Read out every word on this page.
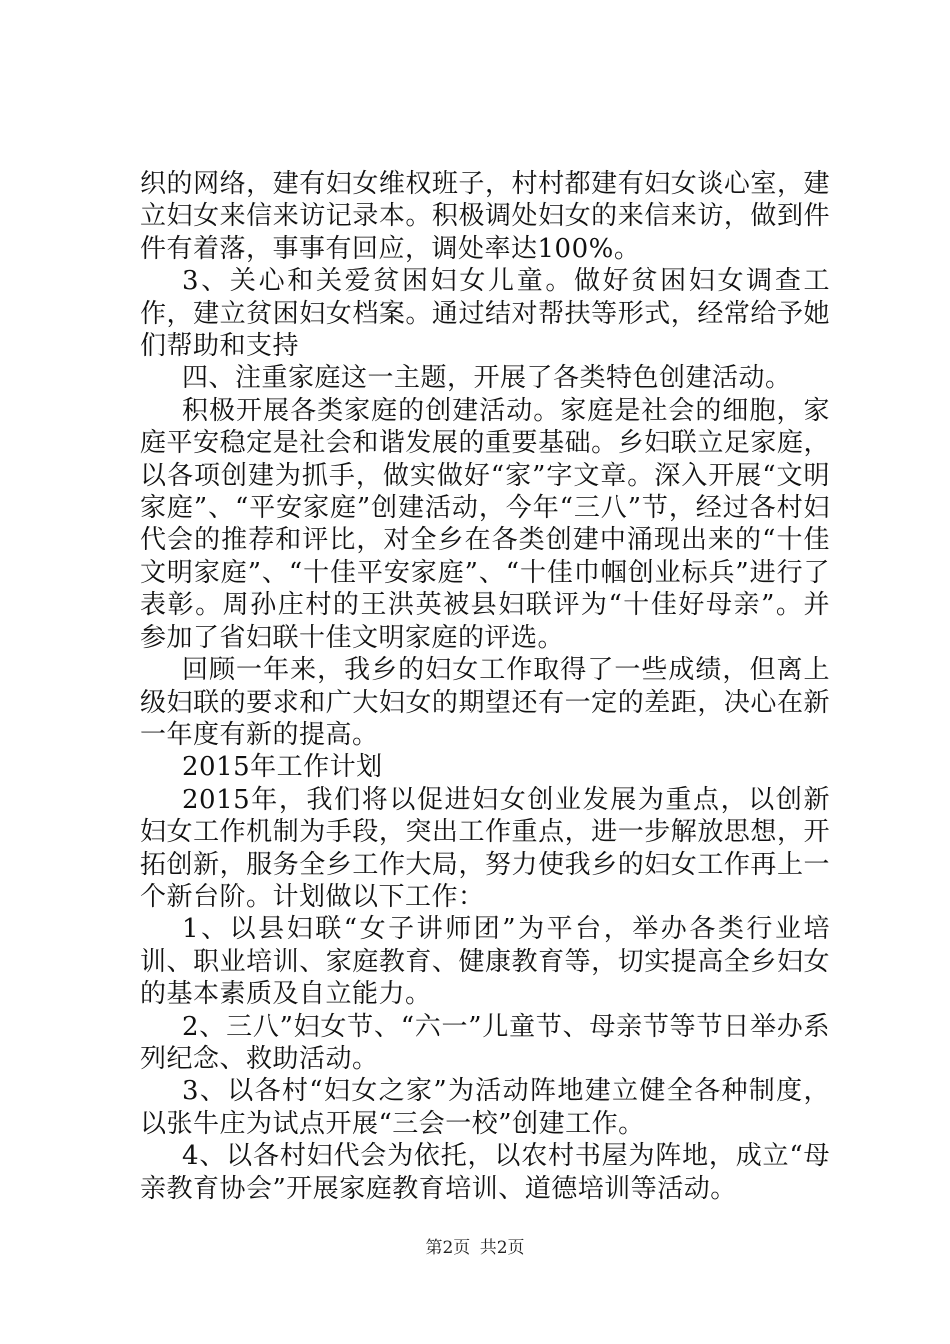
织的网络，建有妇女维权班子，村村都建有妇女谈心室，建立妇女来信来访记录本。积极调处妇女的来信来访，做到件件有着落，事事有回应，调处率达100%。

3、关心和关爱贫困妇女儿童。做好贫困妇女调查工作，建立贫困妇女档案。通过结对帮扶等形式，经常给予她们帮助和支持

四、注重家庭这一主题，开展了各类特色创建活动。

积极开展各类家庭的创建活动。家庭是社会的细胞，家庭平安稳定是社会和谐发展的重要基础。乡妇联立足家庭，以各项创建为抓手，做实做好“家”字文章。深入开展“文明家庭”、“平安家庭”创建活动，今年“三八”节，经过各村妇代会的推荐和评比，对全乡在各类创建中涌现出来的“十佳文明家庭”、“十佳平安家庭”、“十佳巾帼创业标兵”进行了表彰。周孙庄村的王洪英被县妇联评为“十佳好母亲”。并参加了省妇联十佳文明家庭的评选。

回顾一年来，我乡的妇女工作取得了一些成绩，但离上级妇联的要求和广大妇女的期望还有一定的差距，决心在新一年度有新的提高。

2015年工作计划

2015年，我们将以促进妇女创业发展为重点，以创新妇女工作机制为手段，突出工作重点，进一步解放思想，开拓创新，服务全乡工作大局，努力使我乡的妇女工作再上一个新台阶。计划做以下工作：

1、以县妇联“女子讲师团”为平台，举办各类行业培训、职业培训、家庭教育、健康教育等，切实提高全乡妇女的基本素质及自立能力。

2、三八”妇女节、“六一”儿童节、母亲节等节日举办系列纪念、救助活动。

3、以各村“妇女之家”为活动阵地建立健全各种制度，以张牛庄为试点开展“三会一校”创建工作。

4、以各村妇代会为依托，以农村书屋为阵地，成立“母亲教育协会”开展家庭教育培训、道德培训等活动。

第2页 共2页
